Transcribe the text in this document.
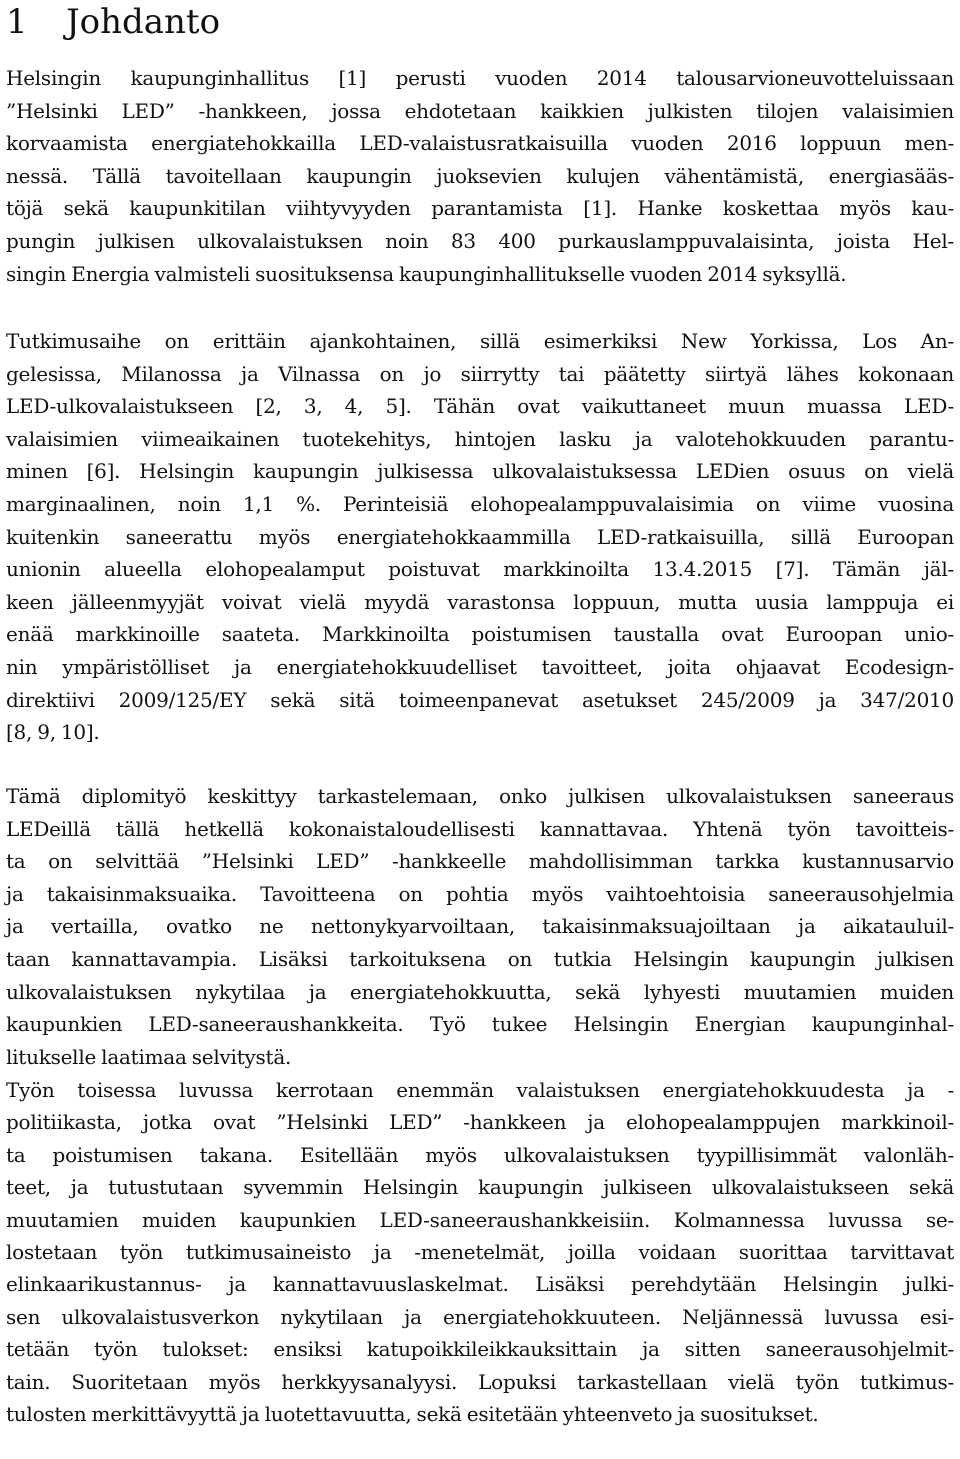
1 Johdanto
Helsingin kaupunginhallitus [1] perusti vuoden 2014 talousarvioneuvotteluissaan
”Helsinki LED” -hankkeen, jossa ehdotetaan kaikkien julkisten tilojen valaisimien
korvaamista energiatehokkailla LED-valaistusratkaisuilla vuoden 2016 loppuun men-
nessä. Tällä tavoitellaan kaupungin juoksevien kulujen vähentämistä, energiasääs-
töjä sekä kaupunkitilan viihtyvyyden parantamista [1]. Hanke koskettaa myös kau-
pungin julkisen ulkovalaistuksen noin 83 400 purkauslamppuvalaisinta, joista Hel-
singin Energia valmisteli suosituksensa kaupunginhallitukselle vuoden 2014 syksyllä.
Tutkimusaihe on erittäin ajankohtainen, sillä esimerkiksi New Yorkissa, Los An-
gelesissa, Milanossa ja Vilnassa on jo siirrytty tai päätetty siirtyä lähes kokonaan
LED-ulkovalaistukseen [2, 3, 4, 5]. Tähän ovat vaikuttaneet muun muassa LED-
valaisimien viimeaikainen tuotekehitys, hintojen lasku ja valotehokkuuden parantu-
minen [6]. Helsingin kaupungin julkisessa ulkovalaistuksessa LEDien osuus on vielä
marginaalinen, noin 1,1 %. Perinteisiä elohopealamppuvalaisimia on viime vuosina
kuitenkin saneerattu myös energiatehokkaammilla LED-ratkaisuilla, sillä Euroopan
unionin alueella elohopealamput poistuvat markkinoilta 13.4.2015 [7]. Tämän jäl-
keen jälleenmyyjät voivat vielä myydä varastonsa loppuun, mutta uusia lamppuja ei
enää markkinoille saateta. Markkinoilta poistumisen taustalla ovat Euroopan unio-
nin ympäristölliset ja energiatehokkuudelliset tavoitteet, joita ohjaavat Ecodesign-
direktiivi 2009/125/EY sekä sitä toimeenpanevat asetukset 245/2009 ja 347/2010
[8, 9, 10].
Tämä diplomityö keskittyy tarkastelemaan, onko julkisen ulkovalaistuksen saneeraus
LEDeillä tällä hetkellä kokonaistaloudellisesti kannattavaa. Yhtenä työn tavoitteis-
ta on selvittää ”Helsinki LED” -hankkeelle mahdollisimman tarkka kustannusarvio
ja takaisinmaksuaika. Tavoitteena on pohtia myös vaihtoehtoisia saneerausohjelmia
ja vertailla, ovatko ne nettonykyarvoiltaan, takaisinmaksuajoiltaan ja aikatauluil-
taan kannattavampia. Lisäksi tarkoituksena on tutkia Helsingin kaupungin julkisen
ulkovalaistuksen nykytilaa ja energiatehokkuutta, sekä lyhyesti muutamien muiden
kaupunkien LED-saneeraushankkeita. Työ tukee Helsingin Energian kaupunginhal-
litukselle laatimaa selvitystä.
Työn toisessa luvussa kerrotaan enemmän valaistuksen energiatehokkuudesta ja -
politiikasta, jotka ovat ”Helsinki LED” -hankkeen ja elohopealamppujen markkinoil-
ta poistumisen takana. Esitellään myös ulkovalaistuksen tyypillisimmät valonläh-
teet, ja tutustutaan syvemmin Helsingin kaupungin julkiseen ulkovalaistukseen sekä
muutamien muiden kaupunkien LED-saneeraushankkeisiin. Kolmannessa luvussa se-
lostetaan työn tutkimusaineisto ja -menetelmät, joilla voidaan suorittaa tarvittavat
elinkaarikustannus- ja kannattavuuslaskelmat. Lisäksi perehdytään Helsingin julki-
sen ulkovalaistusverkon nykytilaan ja energiatehokkuuteen. Neljännessä luvussa esi-
tetään työn tulokset: ensiksi katupoikkileikkauksittain ja sitten saneerausohjelmit-
tain. Suoritetaan myös herkkyysanalyysi. Lopuksi tarkastellaan vielä työn tutkimus-
tulosten merkittävyyttä ja luotettavuutta, sekä esitetään yhteenveto ja suositukset.
